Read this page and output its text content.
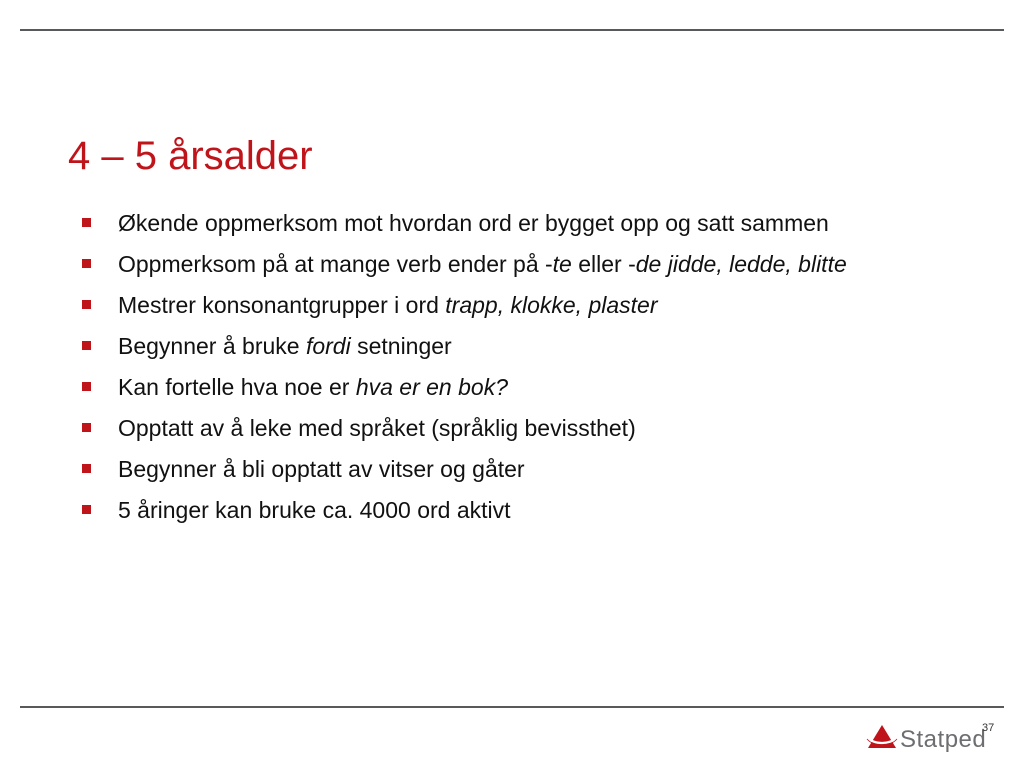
4 – 5 årsalder
Økende oppmerksom mot hvordan ord er bygget opp og satt sammen
Oppmerksom på at mange verb ender på -te eller -de jidde, ledde, blitte
Mestrer konsonantgrupper i ord trapp, klokke, plaster
Begynner å bruke fordi setninger
Kan fortelle hva noe er hva er en bok?
Opptatt av å leke med språket (språklig bevissthet)
Begynner å bli opptatt av vitser og gåter
5 åringer kan bruke ca. 4000 ord aktivt
Statped
37
